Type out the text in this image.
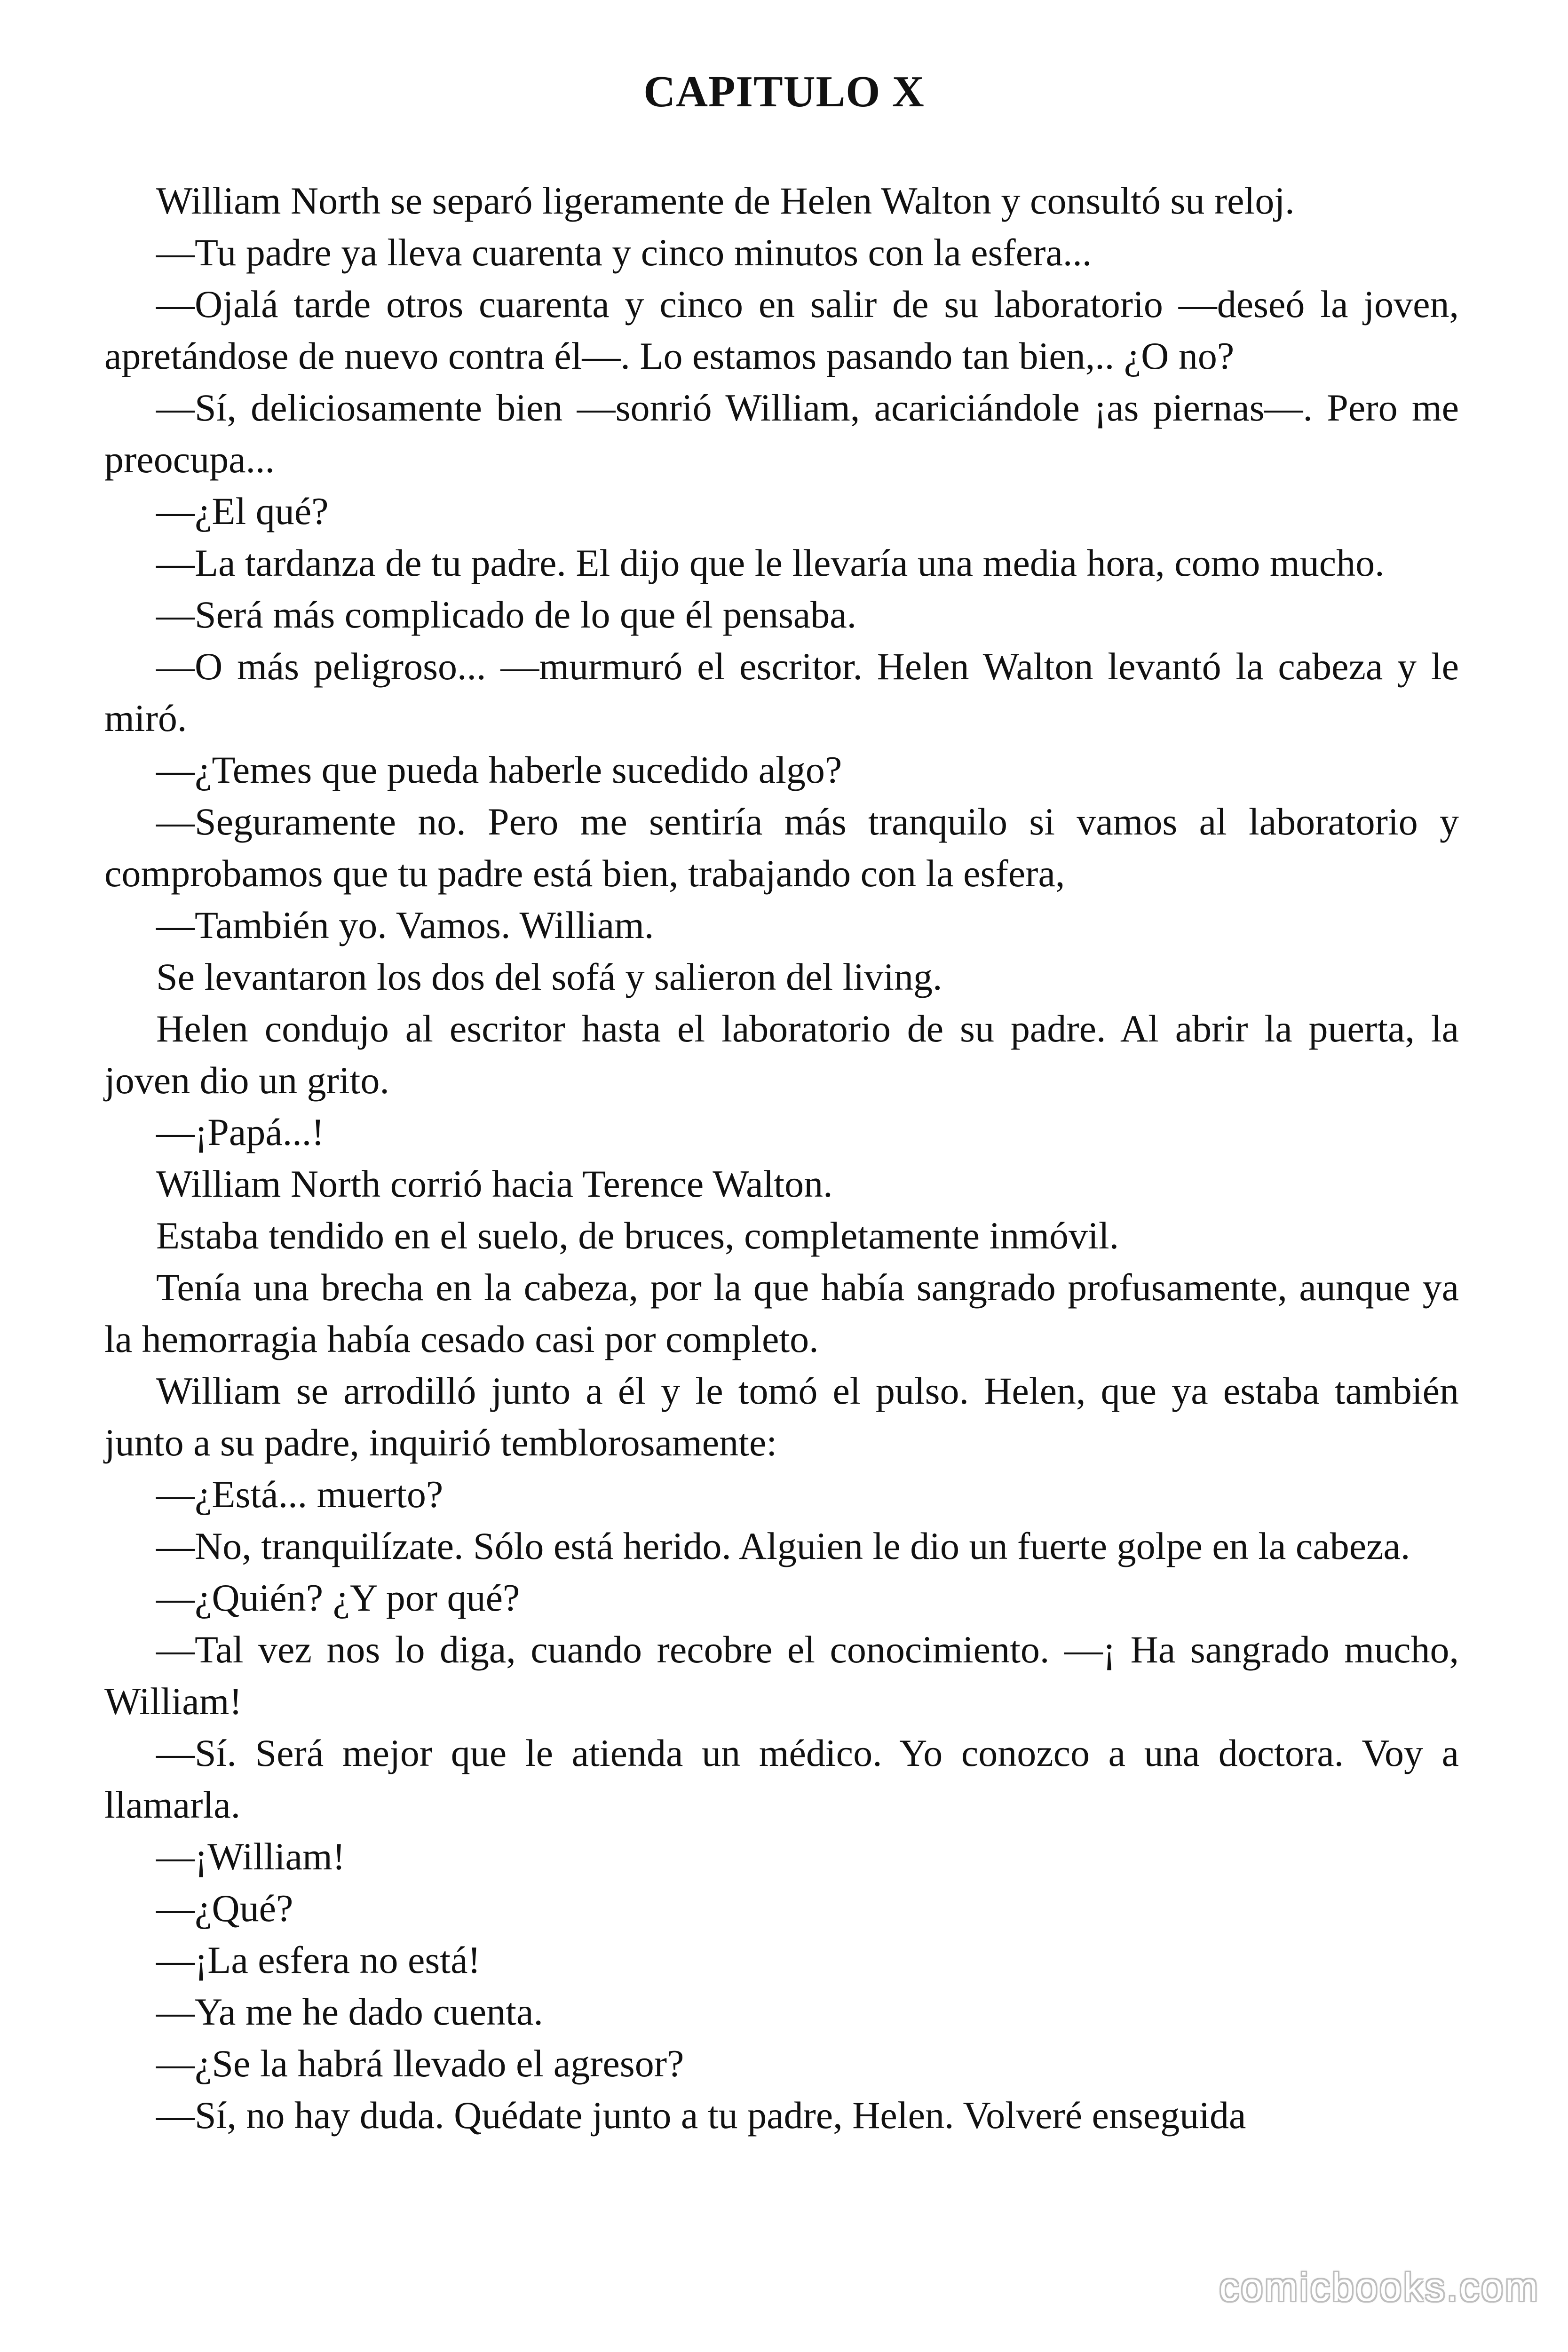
CAPITULO X

William North se separó ligeramente de Helen Walton y consultó su reloj.

—Tu padre ya lleva cuarenta y cinco minutos con la esfera...

—Ojalá tarde otros cuarenta y cinco en salir de su laboratorio —deseó la joven, apretándose de nuevo contra él—. Lo estamos pasando tan bien,.. ¿O no?

—Sí, deliciosamente bien —sonrió William, acariciándole ¡as piernas—. Pero me preocupa...

—¿El qué?

—La tardanza de tu padre. El dijo que le llevaría una media hora, como mucho.

—Será más complicado de lo que él pensaba.

—O más peligroso... —murmuró el escritor. Helen Walton levantó la cabeza y le miró.

—¿Temes que pueda haberle sucedido algo?

—Seguramente no. Pero me sentiría más tranquilo si vamos al laboratorio y comprobamos que tu padre está bien, trabajando con la esfera,

—También yo. Vamos. William.

Se levantaron los dos del sofá y salieron del living.

Helen condujo al escritor hasta el laboratorio de su padre. Al abrir la puerta, la joven dio un grito.

—¡Papá...!

William North corrió hacia Terence Walton.

Estaba tendido en el suelo, de bruces, completamente inmóvil.

Tenía una brecha en la cabeza, por la que había sangrado profusamente, aunque ya la hemorragia había cesado casi por completo.

William se arrodilló junto a él y le tomó el pulso. Helen, que ya estaba también junto a su padre, inquirió temblorosamente:

—¿Está... muerto?

—No, tranquilízate. Sólo está herido. Alguien le dio un fuerte golpe en la cabeza.

—¿Quién? ¿Y por qué?

—Tal vez nos lo diga, cuando recobre el conocimiento. —¡ Ha sangrado mucho, William!

—Sí. Será mejor que le atienda un médico. Yo conozco a una doctora. Voy a llamarla.

—¡William!

—¿Qué?

—¡La esfera no está!

—Ya me he dado cuenta.

—¿Se la habrá llevado el agresor?

—Sí, no hay duda. Quédate junto a tu padre, Helen. Volveré enseguida

comicbooks.com
